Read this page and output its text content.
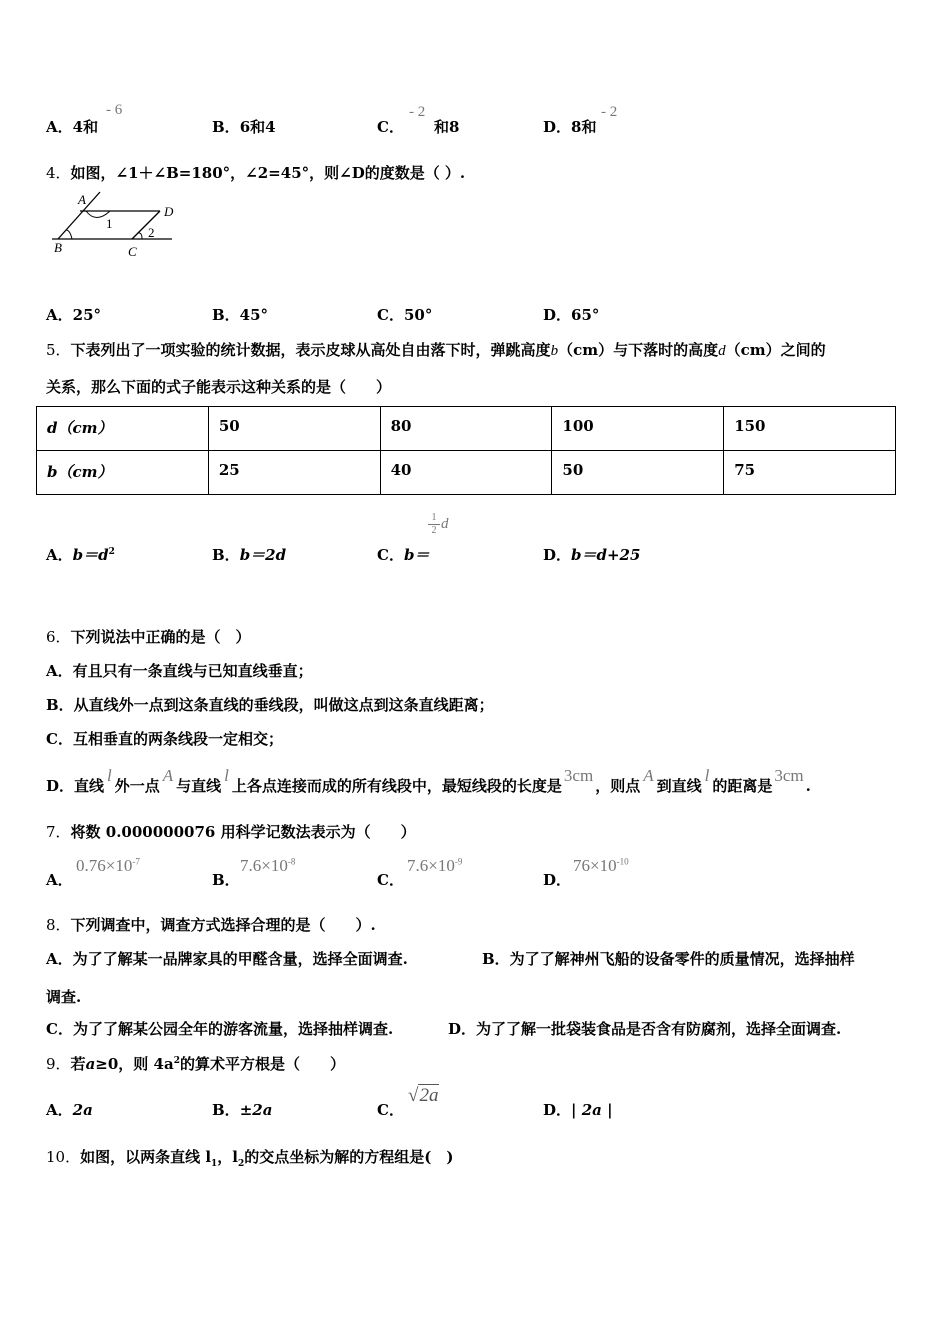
A．4和
- 6
B．6和4	C． 和8
- 2
D．8和
- 2
4．如图，∠1＋∠B=180°，∠2=45°，则∠D的度数是（ ）.
A
B	C
D
1
2
A．25°	B．45°	C．50°	D．65°
5．下表列出了一项实验的统计数据，表示皮球从高处自由落下时，弹跳高度b（cm）与下落时的高度d（cm）之间的
关系，那么下面的式子能表示这种关系的是（　　）
d（cm）	50	80	100	150
b（cm）	25	40	50	75
A．$b=d^2$	B．b＝2d	C．b＝
1
2 d
D．b＝d+25
6．下列说法中正确的是（　）
A．有且只有一条直线与已知直线垂直；
B．从直线外一点到这条直线的垂线段，叫做这点到这条直线距离；
C．互相垂直的两条线段一定相交；
D．直线l外一点A与直线l上各点连接而成的所有线段中，最短线段的长度是3cm，则点A到直线l的距离是3cm.
7．将数 0.000000076 用科学记数法表示为（　　）
A．
$0.76\times 10^{-7}$
B．
$7.6\times 10^{-8}$
C．
$7.6\times 10^{-9}$
D．
$76\times 10^{-10}$
8．下列调查中，调查方式选择合理的是（　　）.
A．为了了解某一品牌家具的甲醛含量，选择全面调查.	B．为了了解神州飞船的设备零件的质量情况，选择抽样
调查.
C．为了了解某公园全年的游客流量，选择抽样调查.	D．为了了解一批袋装食品是否含有防腐剂，选择全面调查.
9．若a≥0，则 $4a^2$的算术平方根是（　　）
A．2a	B．±2a	C．
√2a
D．| 2a |
10．如图，以两条直线 $l_1$，$l_2$的交点坐标为解的方程组是(　)
